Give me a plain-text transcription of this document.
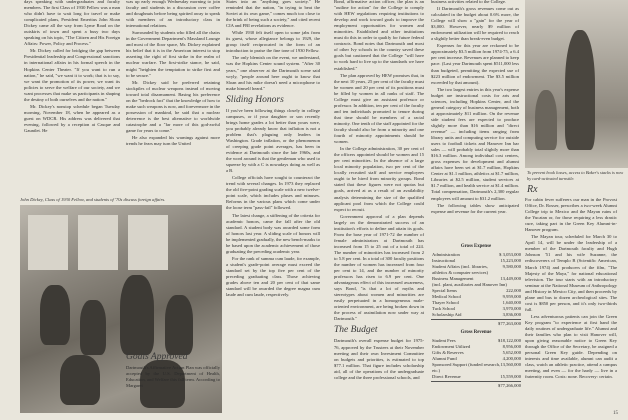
days speaking with undergraduates and faculty members. The first Class of 1930 Fellow was a man who didn't have to wait long for travel or make complicated plans, President Emeritus John Sloan Dickey came all the way from Lyme Road on the outskirts of town and spent a busy two days speaking on his topic, "The Citizen and His Foreign Affairs: Power, Policy and Process."

Mr. Dickey called for bridging the gap between Presidential leadership and Congressional sanctions in international affairs in his formal speech in the Hopkins Center Theater. "If you want to run a nation," he said, "we want it to work; that is to say, we want the promotion of its power, we want its policies to serve the welfare of our society, and we want processes that make us participants in shaping the destiny of both ourselves and the nation."

Mr. Dickey's nonstop schedule began Tuesday morning, November 18, when he appeared as a guest on WDCR. His address was delivered that evening, followed by a reception at Casque and Gauntlet. He

was up early enough Wednesday morning to join faculty and students in a discussion over coffee and doughnuts before being spirited away to speak with members of an introductory class in international relations.

Surrounded by students who filled all the chairs in the Government Department's Massland Lounge and most of the floor space, Mr. Dickey explained his belief that it is in the American interest to stop asserting the right of first strike in the realm of nuclear warfare. The first-strike stance, he said, might "heighten the temptation to strike first and to be secure."

Mr. Dickey said he preferred retaining stockpiles of nuclear weapons instead of moving toward total disarmament. Basing his preference on the "bedrock fact" that the knowledge of how to make such weapons is now, and forevermore in the possession of mankind, he said that a nuclear deterrence is the best alternative to worldwide catastrophe and a "far more of this god-awful game for years to come."

He also expanded his warnings against more trends he fears may turn the United

States into an "anything goes society." He reminded that the nation, "in trying to beat the Soviet at its own game," comes much too close to the brink of being such a society," and cited recent CIA and FBI revelations as evidence.

While 1930 felt itself open to some jabs from its guest, whose allegiance belongs to 1929, the group itself reciprocated in the form of an introduction to praise the fine tone of 1930 Fellow.

The only blemish on the event, we understand, was the Hopkins Center sound system. "After 30 years," one observer at the Dartmouth scene said wryly, "people around here ought to know that Sloan and his mike doesn't need a microphone to make himself heard."

Sliding Honors

If you've been following things closely in college campuses, or if your daughter or son recently brings home grades a lot better than yours were, you probably already know that inflation is not a problem that's plaguing only leaders in Washington. Grade inflation, or the phenomenon of creeping grade point averages, has been in evidence at Dartmouth since the late 1960s, and the word around is that the gentleman who used to squeeze by with a C is nowadays doing as well as a B.

College officials have sought to counteract the trend with several changes. In 1973 they replaced the old five-point grading scale with a new twelve-point scale, which includes pluses and minuses. Reforms in the various plans which come under the loose term "pass-fail" followed.

The latest change, a stiffening of the criteria for academic honors, came the fall after the old standard. A student body was awarded some form of honors last year. A sliding scale of honors will be implemented gradually, the new bench-marks to be based upon the academic achievement of those graduating the preceding academic year.

For the rank of summa cum laude, for example, a student's grade-point average must exceed the standard set by the top five per cent of the preceding graduating class. Those achieving grades above ten and 20 per cent of that same standard will be awarded the degree magna cum laude and cum laude, respectively.

John Dickey, Class of 1930 Fellow, and students of '70s discuss foreign affairs.
Goals Approved

Dartmouth's Affirmative Action Plan was officially accepted by the U.S. Department of Health, Education, and Welfare this fall term. According to Margaret

Bond, affirmative action officer, the plan is an "outline for action" for the College to comply with HEW regulations requiring institutions to develop and work toward goals to improve the employment opportunities for women and minorities. Established and other institutions must do this in order to qualify for future federal contracts. Bond notes that Dartmouth and most of other Ivy schools in the country saved these goals but cautioned that the College "will have to work hard to live up to the standards we have established."

The plan approved by HEW promises that, in the next 10 years, 25 per cent of the faculty must be women and 20 per cent of its positions must be filled by women in all ranks of staff. The College must give an assistant professor or professor. In addition, ten per cent of the faculty and ten individuals promoted to tenure during that time should be members of a racial minority. One tenth of the staff appointed for the faculty should also be from a minority and one fourth of minority appointments should be women.

In the College administration, 30 per cent of the officers appointed should be women and 15 per cent minorities. In the absence of a large local minority population, two per cent of the locally recruited staff and service employees ought to be hired from minority groups. Bond stated that these figures were not quotas but goals, arrived at as a result of an availability analysis determining the size of the qualified applicant pool from which the College could expect to recruit.

Government approval of a plan depends largely on the demonstrated success of an institution's efforts to define and attain its goals. From the base year of 1971-72 the number of female administrators at Dartmouth has increased from 15 to 25 out of a total of 224. The number of minorities has increased from 2 to 5.8 per cent. In a total of 300 faculty positions the number of women has increased from four per cent to 14, and the number of minority professors has risen to 6.9 per cent. One advantageous effect of this increased awareness, says Bond, "is that a lot of myths and stereotypes about women and minorities are easily perpetuated in a homogeneous male-oriented environment, are being broken down in the process of assimilation now under way at Dartmouth."

The Budget

Dartmouth's overall expense budget for 1975-76, approved by the Trustees at their November meeting and their own Investment Committee on budgets and priorities, is estimated to top $77.1 million. That figure includes scholarship aid, all of the operations of the undergraduate college and the three professional schools, and

business activities related to the College.

If Dartmouth's gross revenues come out as calculated in the budget about 0.6% more, the College will show a "gain" for the year of $3,000. However, nearly $9 million of endowment utilization will be required to reach a slightly better than break-even budget.

Expenses for this year are reckoned to be approximately $3.5 million from 1974-75, a 6.4 per cent increase. Revenues are planned to keep pace. (Last year Dartmouth spent $511,000 less than budgeted, permitting the expected use of $223 million of endowment. The $3.5 million exceeded by that amount).

The two largest entries in this year's expense budget are instructional costs for arts and sciences, including Hopkins Center, and the general category of business management, both at approximately $11 million. On the revenue side student fees are expected to produce slightly more than $16 million and "direct revenue" — including items ranging from library units and computing service for outside users to football tickets and Hanover Inn bar sales — will probably total slightly more than $16.3 million. Among individual cost centers, gross expenses for development and alumni affairs have been set at $1.7 million, Hopkins Center at $1.1 million, athletics at $1.7 million, Libraries at $2.5 million, student services at $1.7 million, and health service at $1.4 million. Total compensation, Dartmouth's 2,300 regular employees will amount to $31.2 million.

The following tables show anticipated expense and revenue for the current year.

Gross Expense
Administration	$ 3,053,000
Instructional	15,223,000
Student Affairs (incl. libraries, athletics & computer services)
9,580,000
Business Management	13,449,000
(incl. plant, auxiliaries and Hanover Inn)
Special Items	222,000
Medical School	9,959,000
Thayer School	1,640,000
Tuck School	3,970,000
Scholarship Aid	3,836,000
$77,263,000
Gross Revenue
Student Fees	$18,122,000
Endowment Utilized	8,956,000
Gifts & Reserves	5,652,000
Alumni Fund	4,200,000
Sponsored Support (funded research, etc.)
13,560,000
Direct Revenue	15,559,000
$77,266,000
To prevent book losses, access to Baker's stacks is now by card-activated turnstile.
Rx

For cabin fever sufferers our man in the Provost Office, Dr. Rosser, prescribes a two-week Alumni College trip to Mexico and the Mayan ruins of the Yucatan or, for those requiring a less drastic cure, taking part in the Green Key Alumni-in-Hanover program.

The Mayan tour, scheduled for March 30 to April 14, will be under the leadership of a member of the Dartmouth faculty and Hugh Johnson '51 and his wife Suzanne, the rediscoverers of Templo B (Scientific American, March 1974) and producers of the film, "The Majesty of the Maya," for national educational television. The tour starts with an introductory seminar at the National Museum of Anthropology and History in Mexico City, and then proceeds by plane and bus to dozen archeological sites. The cost is $850 per person, and it's only two-thirds full.

Less adventurous patients can join the Green Key program "to experience at first hand the daily routines of undergraduate life." Alumni and their families who plan to visit Hanover will, upon giving reasonable notice to Green Key through the Office of the Secretary, be assigned a personal Green Key guide. Depending on interests and time available, alumni can audit a class, watch an athletic practice, attend a campus meeting, and even — for the hardy — live in a fraternity room. Costs: none. Recovery: certain.

15
